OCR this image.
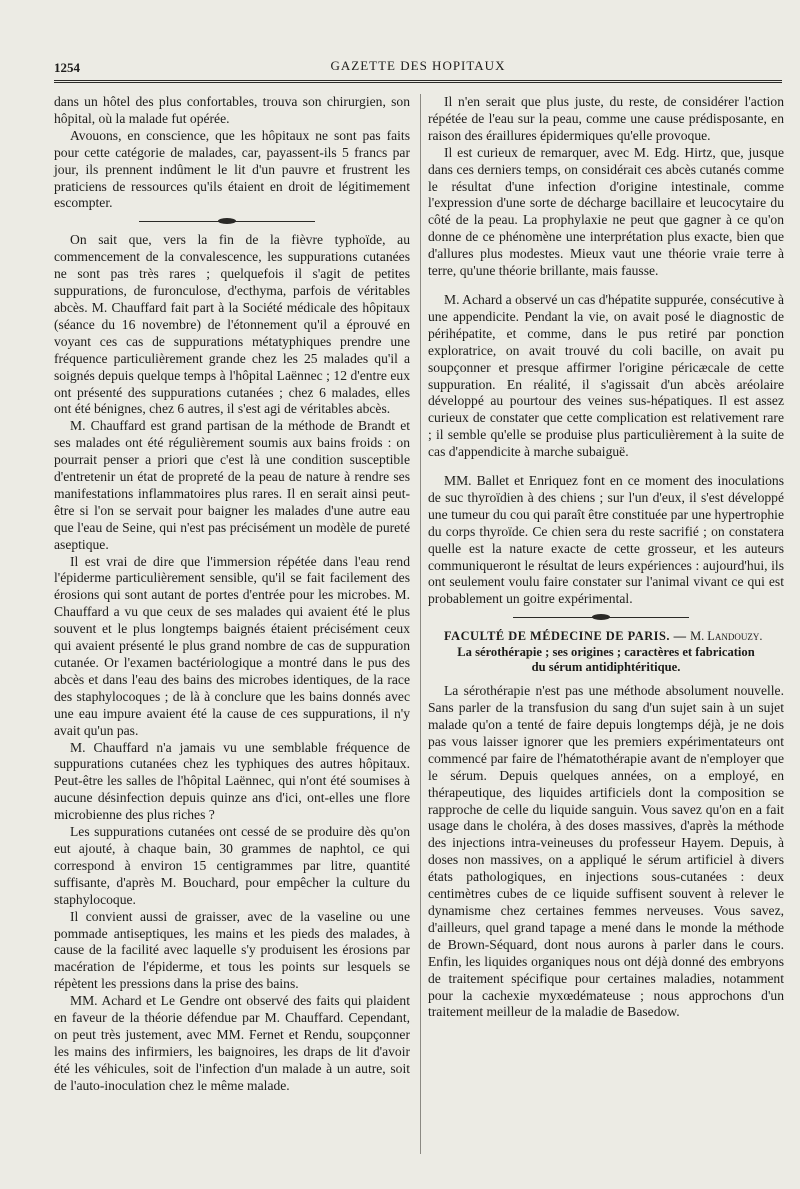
1254	GAZETTE DES HOPITAUX

dans un hôtel des plus confortables, trouva son chirurgien, son hôpital, où la malade fut opérée.

Avouons, en conscience, que les hôpitaux ne sont pas faits pour cette catégorie de malades, car, payassent-ils 5 francs par jour, ils prennent indûment le lit d'un pauvre et frustrent les praticiens de ressources qu'ils étaient en droit de légitimement escompter.

On sait que, vers la fin de la fièvre typhoïde, au commencement de la convalescence, les suppurations cutanées ne sont pas très rares ; quelquefois il s'agit de petites suppurations, de furonculose, d'ecthyma, parfois de véritables abcès. M. Chauffard fait part à la Société médicale des hôpitaux (séance du 16 novembre) de l'étonnement qu'il a éprouvé en voyant ces cas de suppurations métatyphiques prendre une fréquence particulièrement grande chez les 25 malades qu'il a soignés depuis quelque temps à l'hôpital Laënnec ; 12 d'entre eux ont présenté des suppurations cutanées ; chez 6 malades, elles ont été bénignes, chez 6 autres, il s'est agi de véritables abcès.

M. Chauffard est grand partisan de la méthode de Brandt et ses malades ont été régulièrement soumis aux bains froids : on pourrait penser a priori que c'est là une condition susceptible d'entretenir un état de propreté de la peau de nature à rendre ses manifestations inflammatoires plus rares. Il en serait ainsi peut-être si l'on se servait pour baigner les malades d'une autre eau que l'eau de Seine, qui n'est pas précisément un modèle de pureté aseptique.

Il est vrai de dire que l'immersion répétée dans l'eau rend l'épiderme particulièrement sensible, qu'il se fait facilement des érosions qui sont autant de portes d'entrée pour les microbes. M. Chauffard a vu que ceux de ses malades qui avaient été le plus souvent et le plus longtemps baignés étaient précisément ceux qui avaient présenté le plus grand nombre de cas de suppuration cutanée. Or l'examen bactériologique a montré dans le pus des abcès et dans l'eau des bains des microbes identiques, de la race des staphylocoques ; de là à conclure que les bains donnés avec une eau impure avaient été la cause de ces suppurations, il n'y avait qu'un pas.

M. Chauffard n'a jamais vu une semblable fréquence de suppurations cutanées chez les typhiques des autres hôpitaux. Peut-être les salles de l'hôpital Laënnec, qui n'ont été soumises à aucune désinfection depuis quinze ans d'ici, ont-elles une flore microbienne des plus riches ?

Les suppurations cutanées ont cessé de se produire dès qu'on eut ajouté, à chaque bain, 30 grammes de naphtol, ce qui correspond à environ 15 centigrammes par litre, quantité suffisante, d'après M. Bouchard, pour empêcher la culture du staphylocoque.

Il convient aussi de graisser, avec de la vaseline ou une pommade antiseptiques, les mains et les pieds des malades, à cause de la facilité avec laquelle s'y produisent les érosions par macération de l'épiderme, et tous les points sur lesquels se répètent les pressions dans la prise des bains.

MM. Achard et Le Gendre ont observé des faits qui plaident en faveur de la théorie défendue par M. Chauffard. Cependant, on peut très justement, avec MM. Fernet et Rendu, soupçonner les mains des infirmiers, les baignoires, les draps de lit d'avoir été les véhicules, soit de l'infection d'un malade à un autre, soit de l'auto-inoculation chez le même malade.

Il n'en serait que plus juste, du reste, de considérer l'action répétée de l'eau sur la peau, comme une cause prédisposante, en raison des éraillures épidermiques qu'elle provoque.

Il est curieux de remarquer, avec M. Edg. Hirtz, que, jusque dans ces derniers temps, on considérait ces abcès cutanés comme le résultat d'une infection d'origine intestinale, comme l'expression d'une sorte de décharge bacillaire et leucocytaire du côté de la peau. La prophylaxie ne peut que gagner à ce qu'on donne de ce phénomène une interprétation plus exacte, bien que d'allures plus modestes. Mieux vaut une théorie vraie terre à terre, qu'une théorie brillante, mais fausse.

M. Achard a observé un cas d'hépatite suppurée, consécutive à une appendicite. Pendant la vie, on avait posé le diagnostic de périhépatite, et comme, dans le pus retiré par ponction exploratrice, on avait trouvé du coli bacille, on avait pu soupçonner et presque affirmer l'origine péricæcale de cette suppuration. En réalité, il s'agissait d'un abcès aréolaire développé au pourtour des veines sus-hépatiques. Il est assez curieux de constater que cette complication est relativement rare ; il semble qu'elle se produise plus particulièrement à la suite de cas d'appendicite à marche subaiguë.

MM. Ballet et Enriquez font en ce moment des inoculations de suc thyroïdien à des chiens ; sur l'un d'eux, il s'est développé une tumeur du cou qui paraît être constituée par une hypertrophie du corps thyroïde. Ce chien sera du reste sacrifié ; on constatera quelle est la nature exacte de cette grosseur, et les auteurs communiqueront le résultat de leurs expériences : aujourd'hui, ils ont seulement voulu faire constater sur l'animal vivant ce qui est probablement un goitre expérimental.

FACULTÉ DE MÉDECINE DE PARIS. — M. Landouzy.

La sérothérapie ; ses origines ; caractères et fabrication
du sérum antidiphtéritique.

La sérothérapie n'est pas une méthode absolument nouvelle. Sans parler de la transfusion du sang d'un sujet sain à un sujet malade qu'on a tenté de faire depuis longtemps déjà, je ne dois pas vous laisser ignorer que les premiers expérimentateurs ont commencé par faire de l'hématothérapie avant de n'employer que le sérum. Depuis quelques années, on a employé, en thérapeutique, des liquides artificiels dont la composition se rapproche de celle du liquide sanguin. Vous savez qu'on en a fait usage dans le choléra, à des doses massives, d'après la méthode des injections intra-veineuses du professeur Hayem. Depuis, à doses non massives, on a appliqué le sérum artificiel à divers états pathologiques, en injections sous-cutanées : deux centimètres cubes de ce liquide suffisent souvent à relever le dynamisme chez certaines femmes nerveuses. Vous savez, d'ailleurs, quel grand tapage a mené dans le monde la méthode de Brown-Séquard, dont nous aurons à parler dans le cours. Enfin, les liquides organiques nous ont déjà donné des embryons de traitement spécifique pour certaines maladies, notamment pour la cachexie myxœdémateuse ; nous approchons d'un traitement meilleur de la maladie de Basedow.
